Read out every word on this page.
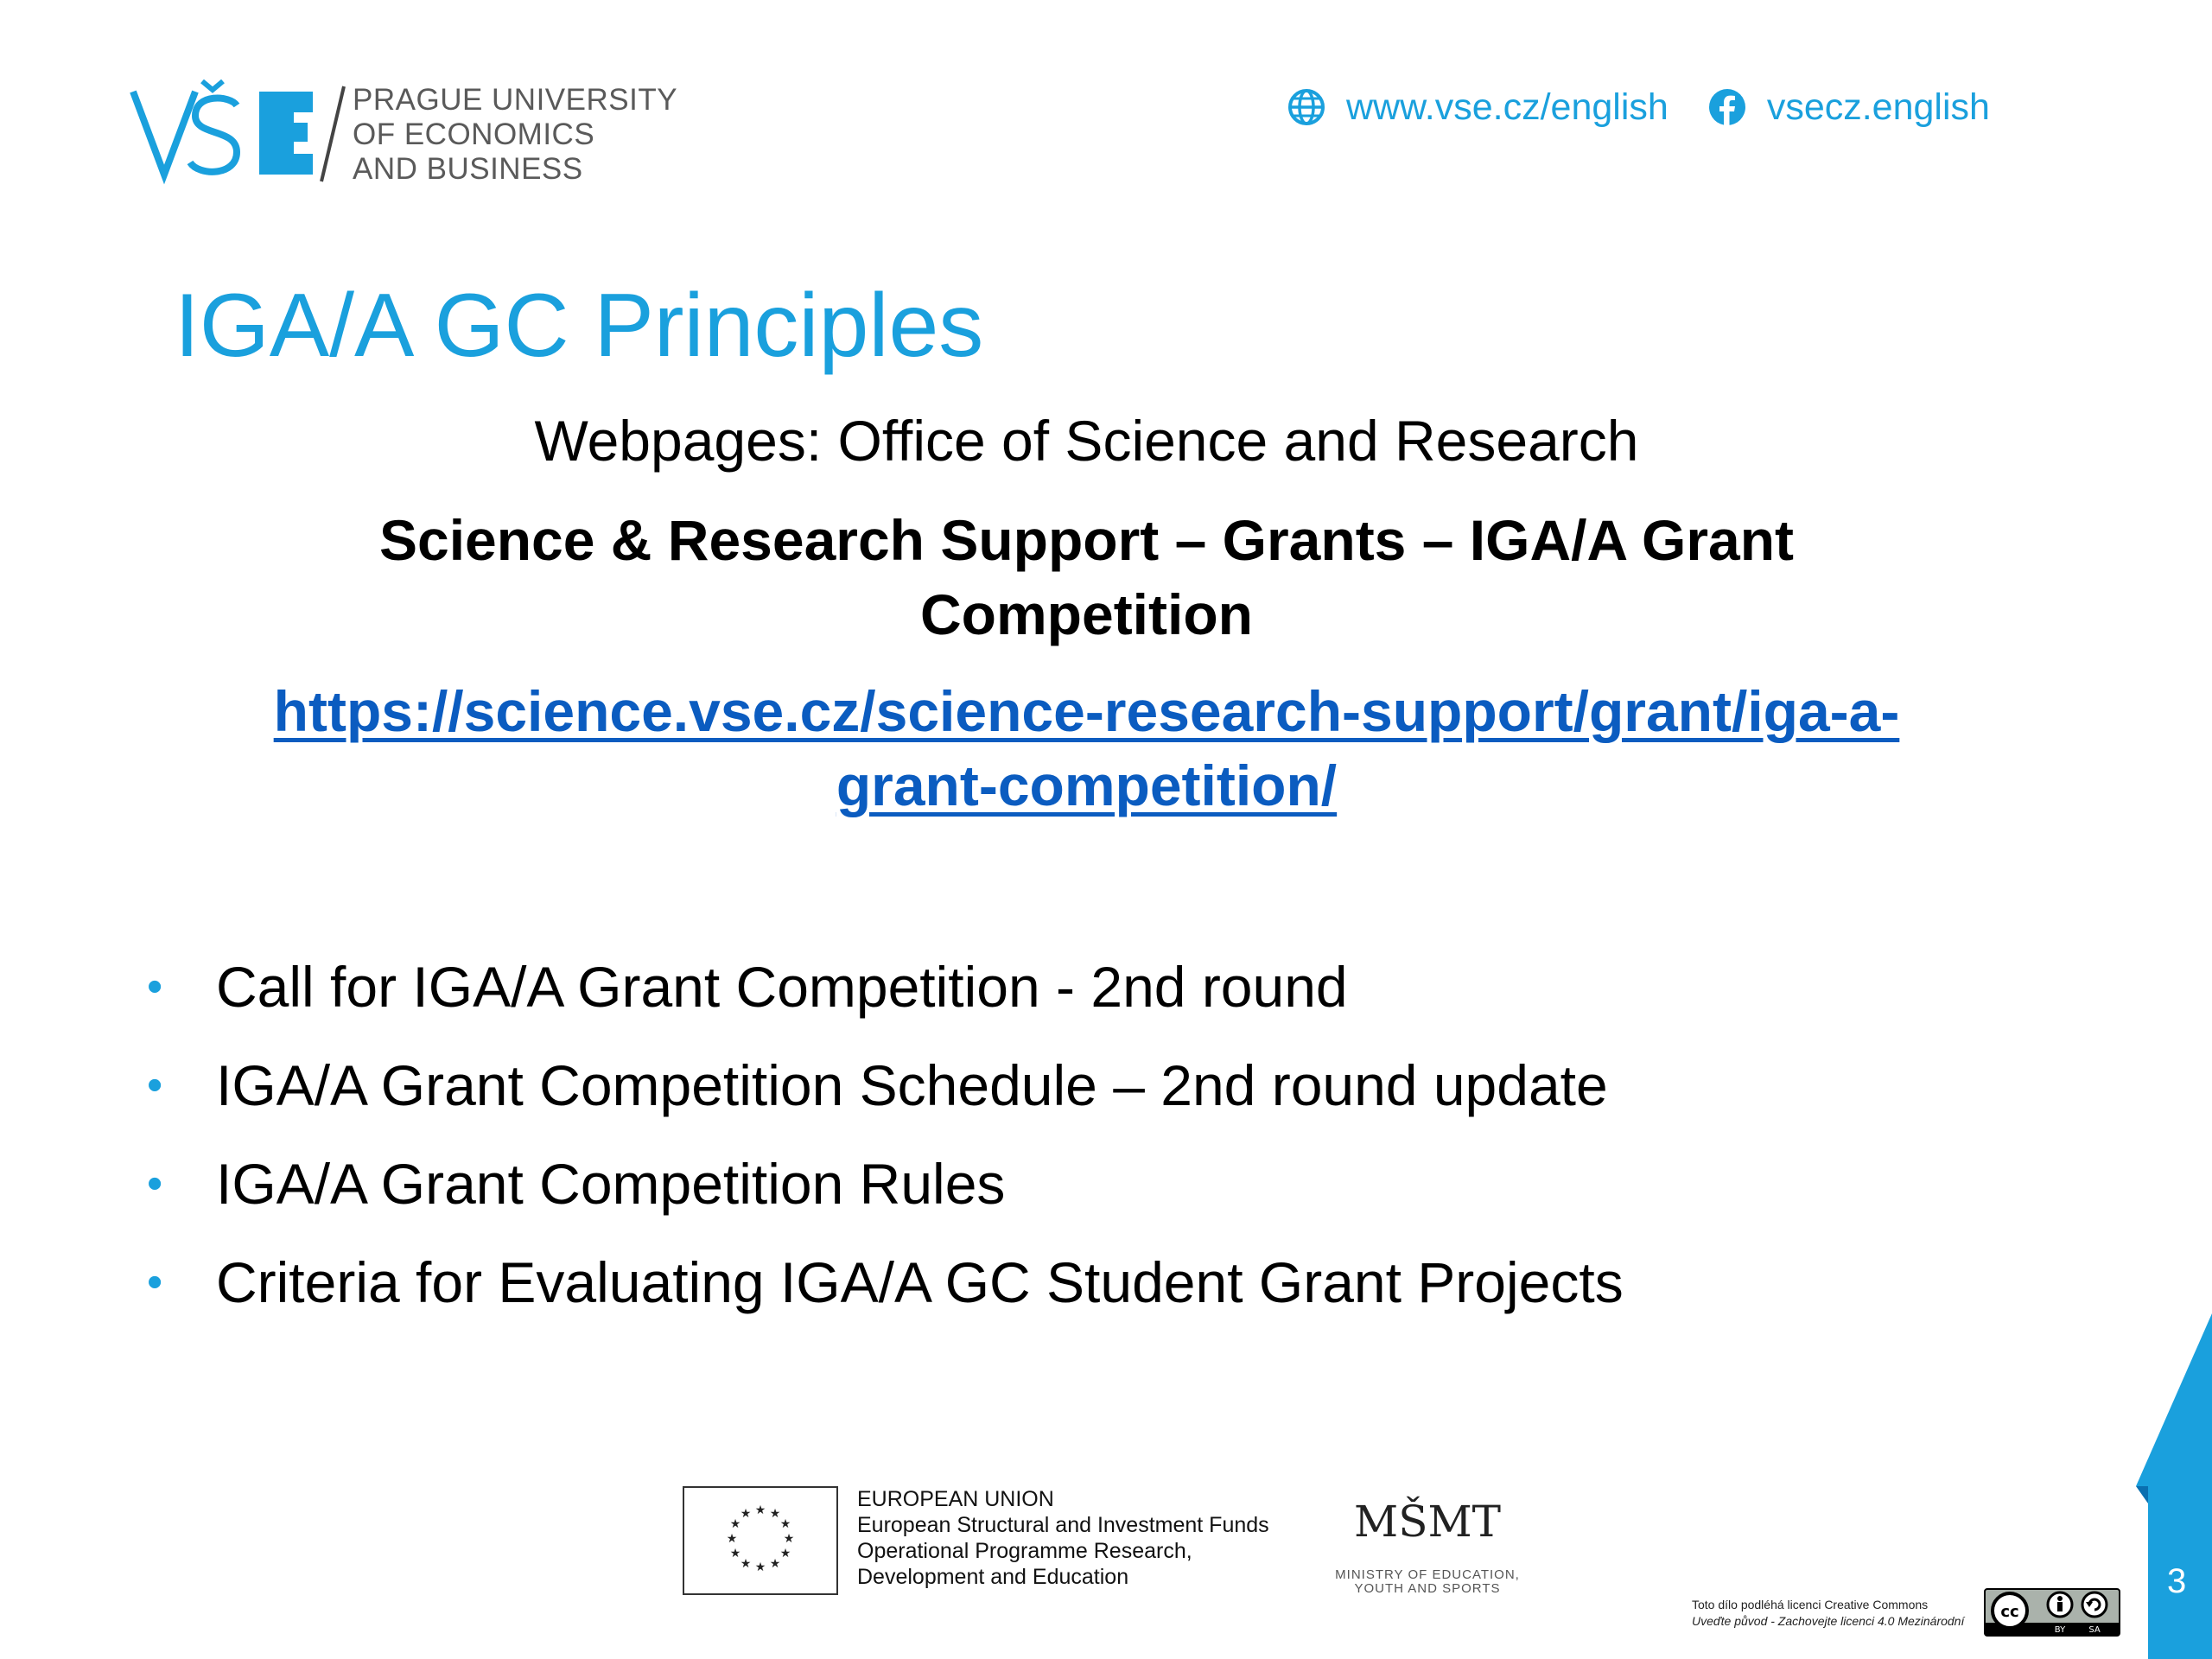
PRAGUE UNIVERSITY
OF ECONOMICS
AND BUSINESS
www.vse.cz/english	vsecz.english
IGA/A GC Principles
Webpages: Office of Science and Research
Science & Research Support – Grants – IGA/A Grant
Competition
https://science.vse.cz/science-research-support/grant/iga-a-
grant-competition/
• Call for IGA/A Grant Competition - 2nd round
• IGA/A Grant Competition Schedule – 2nd round update
• IGA/A Grant Competition Rules
• Criteria for Evaluating IGA/A GC Student Grant Projects
★ ★
★
★
★
★
★
★
★
★
★
★
EUROPEAN UNION
European Structural and Investment Funds
Operational Programme Research,
Development and Education
MŠMT
MINISTRY OF EDUCATION,
YOUTH AND SPORTS
Toto dílo podléhá licenci Creative Commons
Uveďte původ - Zachovejte licenci 4.0 Mezinárodní cc
BY	SA
3
